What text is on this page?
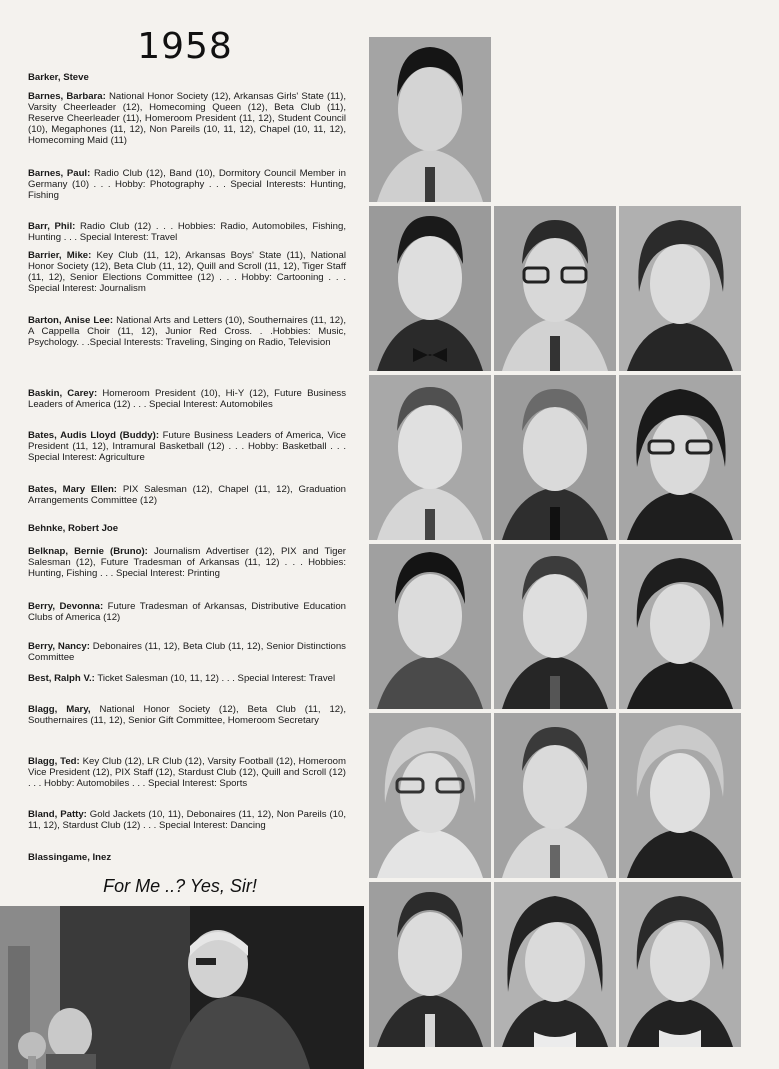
1958
Barker, Steve
Barnes, Barbara: National Honor Society (12), Arkansas Girls' State (11), Varsity Cheerleader (12), Homecoming Queen (12), Beta Club (11), Reserve Cheerleader (11), Homeroom President (11, 12), Student Council (10), Megaphones (11, 12), Non Pareils (10, 11, 12), Chapel (10, 11, 12), Homecoming Maid (11)
Barnes, Paul: Radio Club (12), Band (10), Dormitory Council Member in Germany (10) . . . Hobby: Photography . . . Special Interests: Hunting, Fishing
Barr, Phil: Radio Club (12) . . . Hobbies: Radio, Automobiles, Fishing, Hunting . . . Special Interest: Travel
Barrier, Mike: Key Club (11, 12), Arkansas Boys' State (11), National Honor Society (12), Beta Club (11, 12), Quill and Scroll (11, 12), Tiger Staff (11, 12), Senior Elections Committee (12) . . . Hobby: Cartooning . . . Special Interest: Journalism
Barton, Anise Lee: National Arts and Letters (10), Southernaires (11, 12), A Cappella Choir (11, 12), Junior Red Cross. . .Hobbies: Music, Psychology. . .Special Interests: Traveling, Singing on Radio, Television
Baskin, Carey: Homeroom President (10), Hi-Y (12), Future Business Leaders of America (12) . . . Special Interest: Automobiles
Bates, Audis Lloyd (Buddy): Future Business Leaders of America, Vice President (11, 12), Intramural Basketball (12) . . . Hobby: Basketball . . . Special Interest: Agriculture
Bates, Mary Ellen: PIX Salesman (12), Chapel (11, 12), Graduation Arrangements Committee (12)
Behnke, Robert Joe
Belknap, Bernie (Bruno): Journalism Advertiser (12), PIX and Tiger Salesman (12), Future Tradesman of Arkansas (11, 12) . . . Hobbies: Hunting, Fishing . . . Special Interest: Printing
Berry, Devonna: Future Tradesman of Arkansas, Distributive Education Clubs of America (12)
Berry, Nancy: Debonaires (11, 12), Beta Club (11, 12), Senior Distinctions Committee
Best, Ralph V.: Ticket Salesman (10, 11, 12) . . . Special Interest: Travel
Blagg, Mary, National Honor Society (12), Beta Club (11, 12), Southernaires (11, 12), Senior Gift Committee, Homeroom Secretary
Blagg, Ted: Key Club (12), LR Club (12), Varsity Football (12), Homeroom Vice President (12), PIX Staff (12), Stardust Club (12), Quill and Scroll (12) . . . Hobby: Automobiles . . . Special Interest: Sports
Bland, Patty: Gold Jackets (10, 11), Debonaires (11, 12), Non Pareils (10, 11, 12), Stardust Club (12) . . . Special Interest: Dancing
Blassingame, Inez
For Me ..? Yes, Sir!
